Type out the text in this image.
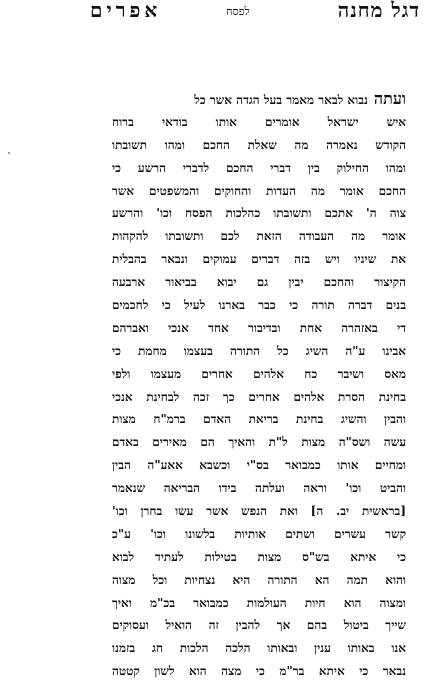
דגל מחנה
לפסח
אפרים
ועתהנבוא לבאר מאמר בעל הגדה אשר כל
איש ישראל אומרים אותו בודאי ברוח
הקודש נאמרה מה שאלת החכם ומהו תשובתו
ומהו החילוק בין דברי החכם לדברי הרשע כי
החכם אומר מה העדות והחוקים והמשפטים אשר
צוה ה' אתכם ותשובתו כהלכות הפסח וכו' והרשע
אומר מה העבודה הזאת לכם ותשובתו להקהות
את שיניו ויש בזה דברים עמוקים ונבאר בהבלית
הקיצור והחכם יבין גם יבוא בביאור ארבעה
בנים דברה תורה כי כבר בארנו לעיל כי לחכמים
די באזהרה אחת ובדיבור אחד אנכי ואברהם
אבינו ע"ה השיג כל התורה בעצמו מחמת כי
מאס ושיבר כח אלהים אחרים מעצמו ולפי
בחינת הסרת אלהים אחרים כך זכה לבחינת אנכי
והבין והשיג בחינת בריאת האדם ברמ"ח מצות
עשה ושס"ה מצות ל"ת והאיך הם מאירים באדם
ומחיים אותו כמבואר בס"י וכשבא אאע"ה הבין
והביט וכו' וראה ועלתה בידו הבריאה שנאמר
[בראשית יב. ה] ואת הנפש אשר עשו בחרן וכו'
קשר עשרים ושתים אותיות בלשונו וכו' ע"כ
כי איתא בש"ס מצות בטילות לעתיד לבוא
והוא תמה הא התורה היא נצחיות וכל מצוה
ומצוה הוא חיות העולמות כמבואר בכ"מ ואיך
שייך ביטול בהם אך להבין זה הואיל ועסוקים
אנו באותו ענין ובאותו הלכה הלכות חג בזמנו
נבאר כי איתא בר"מ כי מצה הוא לשון קטטה
